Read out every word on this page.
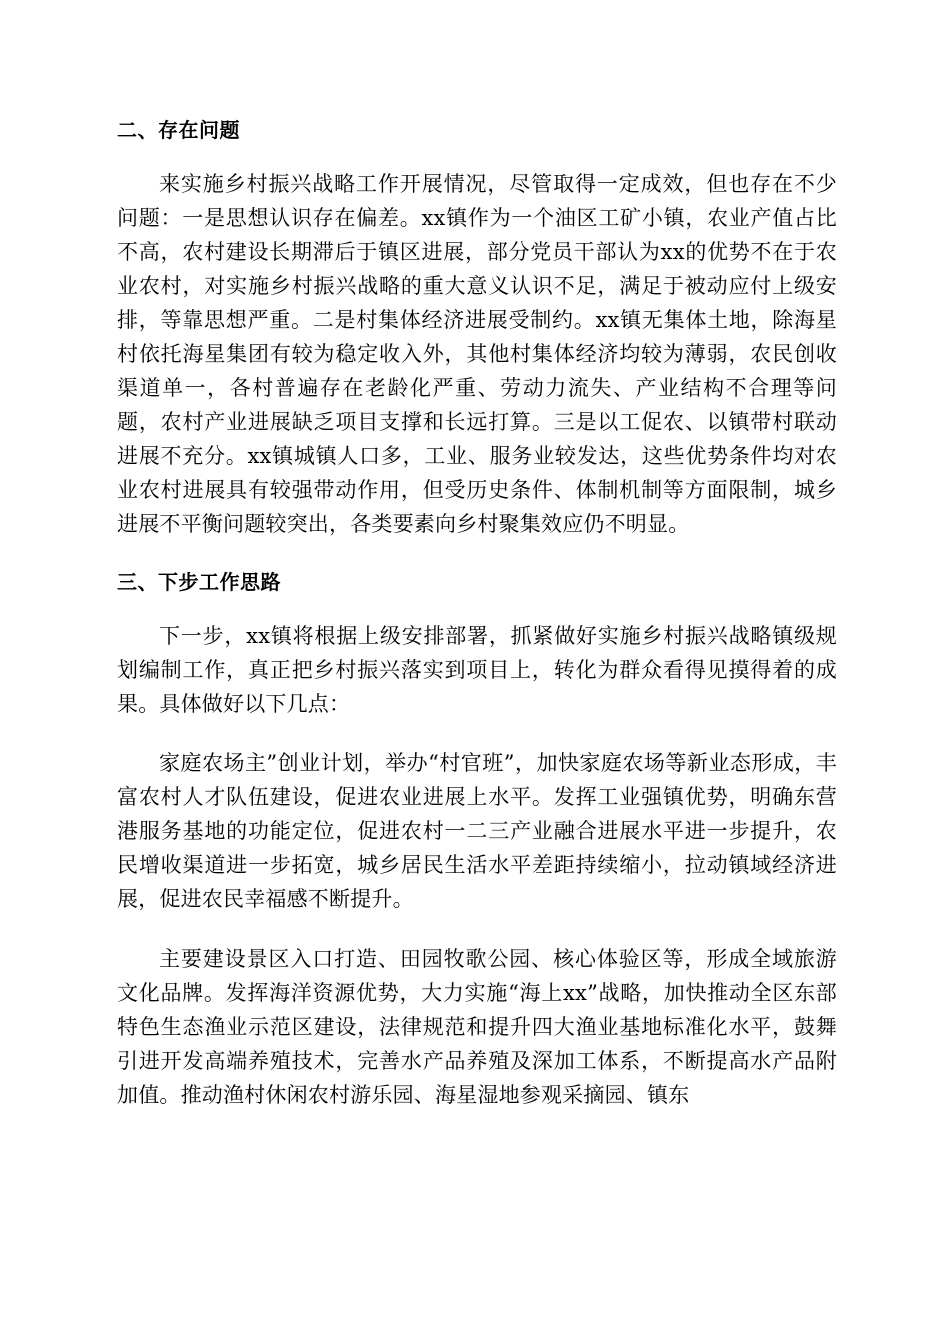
二、存在问题

来实施乡村振兴战略工作开展情况，尽管取得一定成效，但也存在不少问题：一是思想认识存在偏差。xx镇作为一个油区工矿小镇，农业产值占比不高，农村建设长期滞后于镇区进展，部分党员干部认为xx的优势不在于农业农村，对实施乡村振兴战略的重大意义认识不足，满足于被动应付上级安排，等靠思想严重。二是村集体经济进展受制约。xx镇无集体土地，除海星村依托海星集团有较为稳定收入外，其他村集体经济均较为薄弱，农民创收渠道单一，各村普遍存在老龄化严重、劳动力流失、产业结构不合理等问题，农村产业进展缺乏项目支撑和长远打算。三是以工促农、以镇带村联动进展不充分。xx镇城镇人口多，工业、服务业较发达，这些优势条件均对农业农村进展具有较强带动作用，但受历史条件、体制机制等方面限制，城乡进展不平衡问题较突出，各类要素向乡村聚集效应仍不明显。

三、下步工作思路

下一步，xx镇将根据上级安排部署，抓紧做好实施乡村振兴战略镇级规划编制工作，真正把乡村振兴落实到项目上，转化为群众看得见摸得着的成果。具体做好以下几点：

家庭农场主”创业计划，举办“村官班”，加快家庭农场等新业态形成，丰富农村人才队伍建设，促进农业进展上水平。发挥工业强镇优势，明确东营港服务基地的功能定位，促进农村一二三产业融合进展水平进一步提升，农民增收渠道进一步拓宽，城乡居民生活水平差距持续缩小，拉动镇域经济进展，促进农民幸福感不断提升。

主要建设景区入口打造、田园牧歌公园、核心体验区等，形成全域旅游文化品牌。发挥海洋资源优势，大力实施“海上xx”战略，加快推动全区东部特色生态渔业示范区建设，法律规范和提升四大渔业基地标准化水平，鼓舞引进开发高端养殖技术，完善水产品养殖及深加工体系，不断提高水产品附加值。推动渔村休闲农村游乐园、海星湿地参观采摘园、镇东
